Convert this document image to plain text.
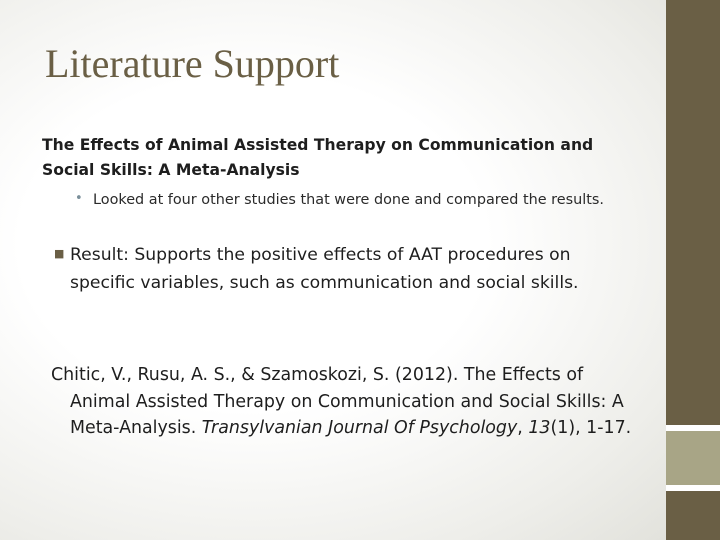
Literature Support
The Effects of Animal Assisted Therapy on Communication and Social Skills: A Meta-Analysis
• Looked at four other studies that were done and compared the results.
■ Result: Supports the positive effects of AAT procedures on specific variables, such as communication and social skills.
Chitic, V., Rusu, A. S., & Szamoskozi, S. (2012). The Effects of Animal Assisted Therapy on Communication and Social Skills: A Meta-Analysis. Transylvanian Journal Of Psychology, 13(1), 1-17.
